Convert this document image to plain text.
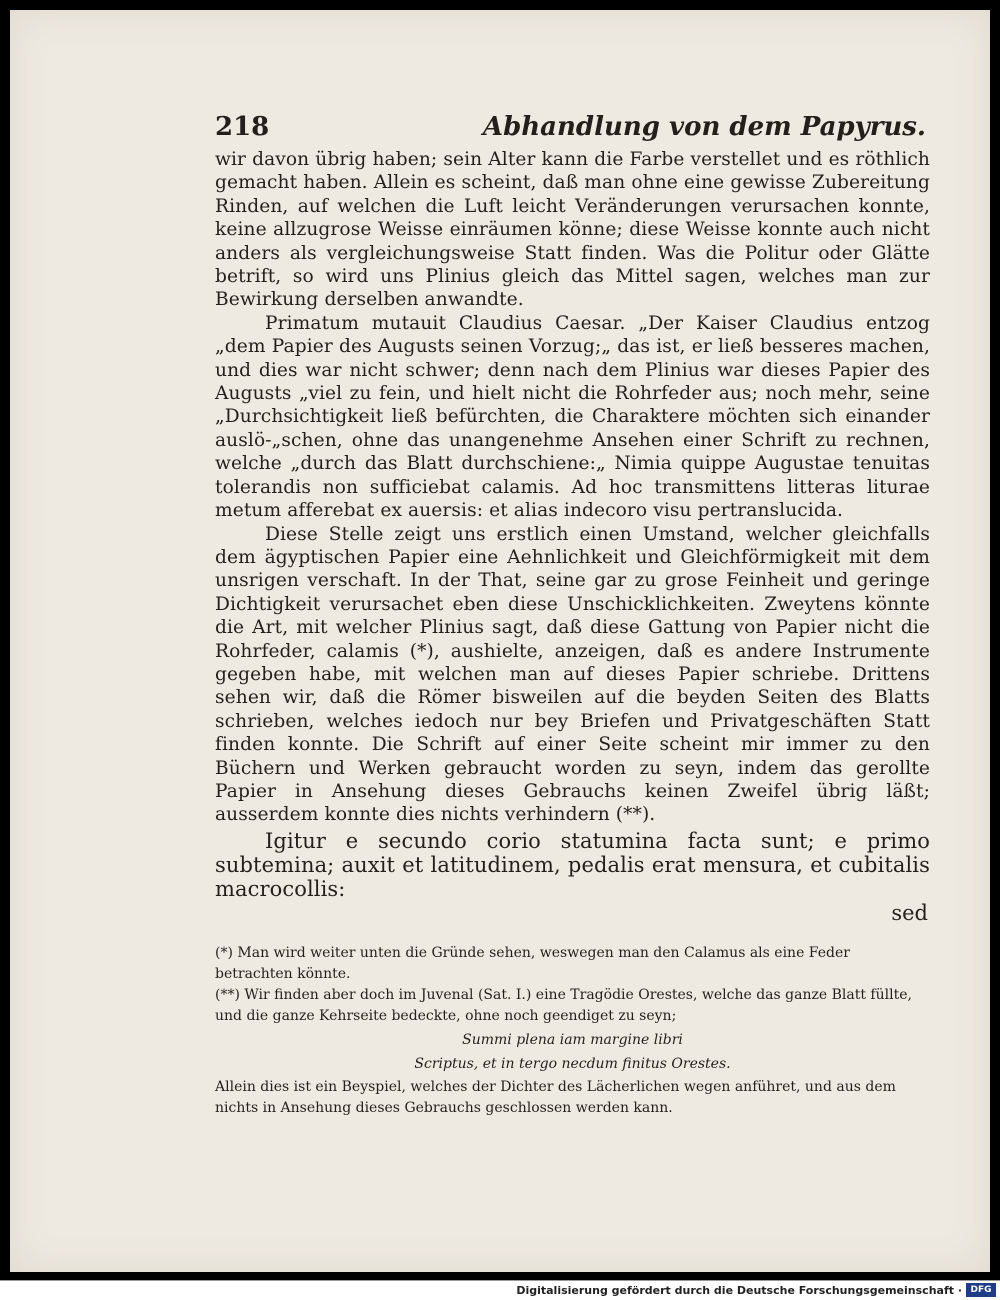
218	Abhandlung von dem Papyrus.

wir davon übrig haben; sein Alter kann die Farbe verstellet und es röthlich gemacht haben. Allein es scheint, daß man ohne eine gewisse Zubereitung Rinden, auf welchen die Luft leicht Veränderungen verursachen konnte, keine allzugrose Weisse einräumen könne; diese Weisse konnte auch nicht anders als vergleichungsweise Statt finden. Was die Politur oder Glätte betrift, so wird uns Plinius gleich das Mittel sagen, welches man zur Bewirkung derselben anwandte.

Primatum mutauit Claudius Caesar. „Der Kaiser Claudius entzog „dem Papier des Augusts seinen Vorzug;„ das ist, er ließ besseres machen, und dies war nicht schwer; denn nach dem Plinius war dieses Papier des Augusts „viel zu fein, und hielt nicht die Rohrfeder aus; noch mehr, seine „Durchsichtigkeit ließ befürchten, die Charaktere möchten sich einander auslö-„schen, ohne das unangenehme Ansehen einer Schrift zu rechnen, welche „durch das Blatt durchschiene:„ Nimia quippe Augustae tenuitas tolerandis non sufficiebat calamis. Ad hoc transmittens litteras liturae metum afferebat ex auersis: et alias indecoro visu pertranslucida.

Diese Stelle zeigt uns erstlich einen Umstand, welcher gleichfalls dem ägyptischen Papier eine Aehnlichkeit und Gleichförmigkeit mit dem unsrigen verschaft. In der That, seine gar zu grose Feinheit und geringe Dichtigkeit verursachet eben diese Unschicklichkeiten. Zweytens könnte die Art, mit welcher Plinius sagt, daß diese Gattung von Papier nicht die Rohrfeder, calamis (*), aushielte, anzeigen, daß es andere Instrumente gegeben habe, mit welchen man auf dieses Papier schriebe. Drittens sehen wir, daß die Römer bisweilen auf die beyden Seiten des Blatts schrieben, welches iedoch nur bey Briefen und Privatgeschäften Statt finden konnte. Die Schrift auf einer Seite scheint mir immer zu den Büchern und Werken gebraucht worden zu seyn, indem das gerollte Papier in Ansehung dieses Gebrauchs keinen Zweifel übrig läßt; ausserdem konnte dies nichts verhindern (**).

Igitur e secundo corio statumina facta sunt; e primo subtemina; auxit et latitudinem, pedalis erat mensura, et cubitalis macrocollis:

sed
(*) Man wird weiter unten die Gründe sehen, weswegen man den Calamus als eine Feder betrachten könnte.
(**) Wir finden aber doch im Juvenal (Sat. I.) eine Tragödie Orestes, welche das ganze Blatt füllte, und die ganze Kehrseite bedeckte, ohne noch geendiget zu seyn;
Summi plena iam margine libri
Scriptus, et in tergo necdum finitus Orestes.
Allein dies ist ein Beyspiel, welches der Dichter des Lächerlichen wegen anführet, und aus dem nichts in Ansehung dieses Gebrauchs geschlossen werden kann.
Digitalisierung gefördert durch die Deutsche Forschungsgemeinschaft · DFG
